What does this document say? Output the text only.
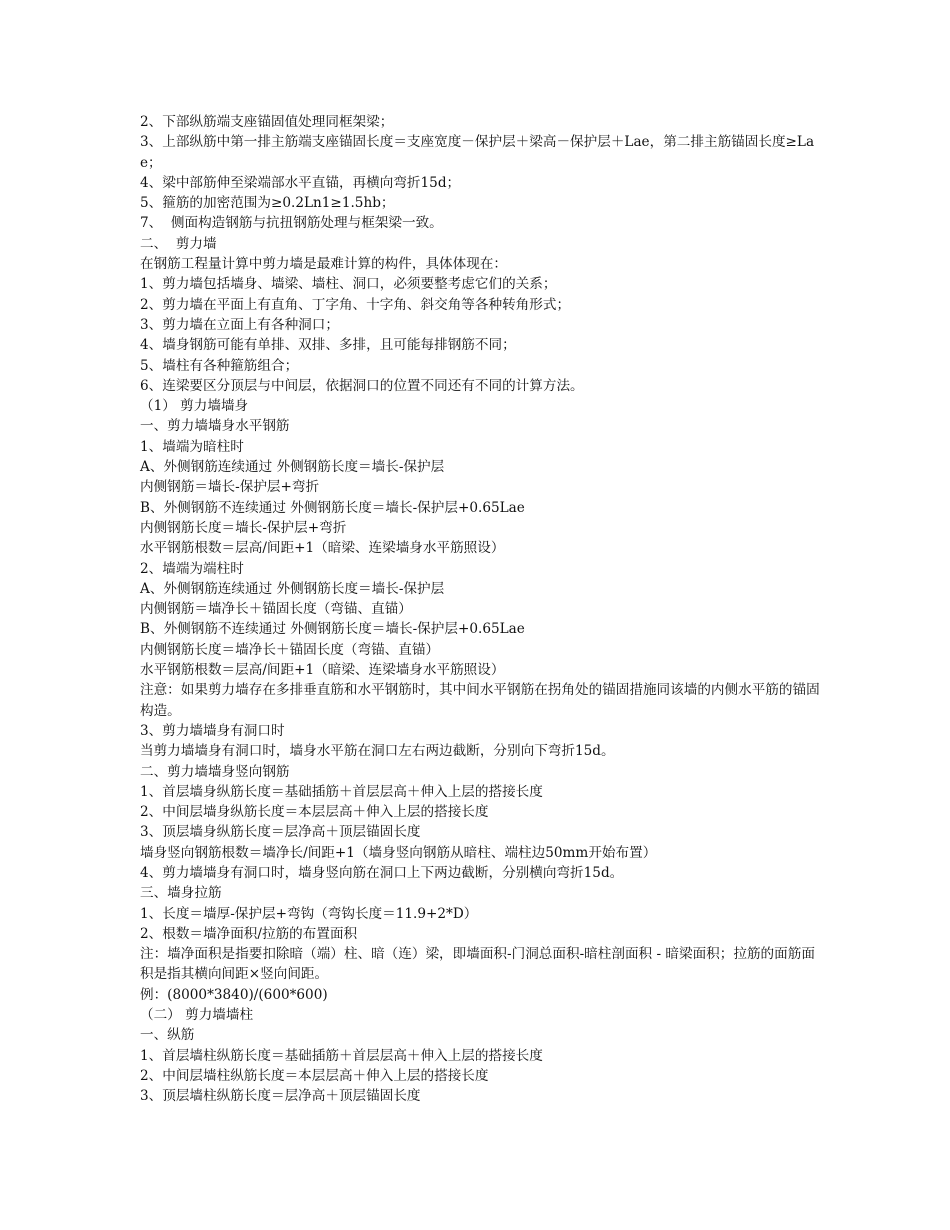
2、下部纵筋端支座锚固值处理同框架梁；
3、上部纵筋中第一排主筋端支座锚固长度＝支座宽度－保护层＋梁高－保护层＋Lae，第二排主筋锚固长度≥Lae；
4、梁中部筋伸至梁端部水平直锚，再横向弯折15d；
5、箍筋的加密范围为≥0.2Ln1≥1.5hb；
7、  侧面构造钢筋与抗扭钢筋处理与框架梁一致。
二、  剪力墙
在钢筋工程量计算中剪力墙是最难计算的构件，具体体现在：
1、剪力墙包括墙身、墙梁、墙柱、洞口，必须要整考虑它们的关系；
2、剪力墙在平面上有直角、丁字角、十字角、斜交角等各种转角形式；
3、剪力墙在立面上有各种洞口；
4、墙身钢筋可能有单排、双排、多排，且可能每排钢筋不同；
5、墙柱有各种箍筋组合；
6、连梁要区分顶层与中间层，依据洞口的位置不同还有不同的计算方法。
（1） 剪力墙墙身
一、剪力墙墙身水平钢筋
1、墙端为暗柱时
A、外侧钢筋连续通过 外侧钢筋长度＝墙长-保护层
内侧钢筋＝墙长-保护层+弯折
B、外侧钢筋不连续通过 外侧钢筋长度＝墙长-保护层+0.65Lae
内侧钢筋长度＝墙长-保护层+弯折
水平钢筋根数＝层高/间距+1（暗梁、连梁墙身水平筋照设）
2、墙端为端柱时
A、外侧钢筋连续通过 外侧钢筋长度＝墙长-保护层
内侧钢筋＝墙净长＋锚固长度（弯锚、直锚）
B、外侧钢筋不连续通过 外侧钢筋长度＝墙长-保护层+0.65Lae
内侧钢筋长度＝墙净长＋锚固长度（弯锚、直锚）
水平钢筋根数＝层高/间距+1（暗梁、连梁墙身水平筋照设）
注意：如果剪力墙存在多排垂直筋和水平钢筋时，其中间水平钢筋在拐角处的锚固措施同该墙的内侧水平筋的锚固构造。
3、剪力墙墙身有洞口时
当剪力墙墙身有洞口时，墙身水平筋在洞口左右两边截断，分别向下弯折15d。
二、剪力墙墙身竖向钢筋
1、首层墙身纵筋长度＝基础插筋＋首层层高＋伸入上层的搭接长度
2、中间层墙身纵筋长度＝本层层高＋伸入上层的搭接长度
3、顶层墙身纵筋长度＝层净高＋顶层锚固长度
墙身竖向钢筋根数＝墙净长/间距+1（墙身竖向钢筋从暗柱、端柱边50mm开始布置）
4、剪力墙墙身有洞口时，墙身竖向筋在洞口上下两边截断，分别横向弯折15d。
三、墙身拉筋
1、长度＝墙厚-保护层+弯钩（弯钩长度＝11.9+2*D）
2、根数＝墙净面积/拉筋的布置面积
注：墙净面积是指要扣除暗（端）柱、暗（连）梁，即墙面积-门洞总面积-暗柱剖面积 - 暗梁面积；拉筋的面筋面积是指其横向间距×竖向间距。
例：(8000*3840)/(600*600)
（二） 剪力墙墙柱
一、纵筋
1、首层墙柱纵筋长度＝基础插筋＋首层层高＋伸入上层的搭接长度
2、中间层墙柱纵筋长度＝本层层高＋伸入上层的搭接长度
3、顶层墙柱纵筋长度＝层净高＋顶层锚固长度
